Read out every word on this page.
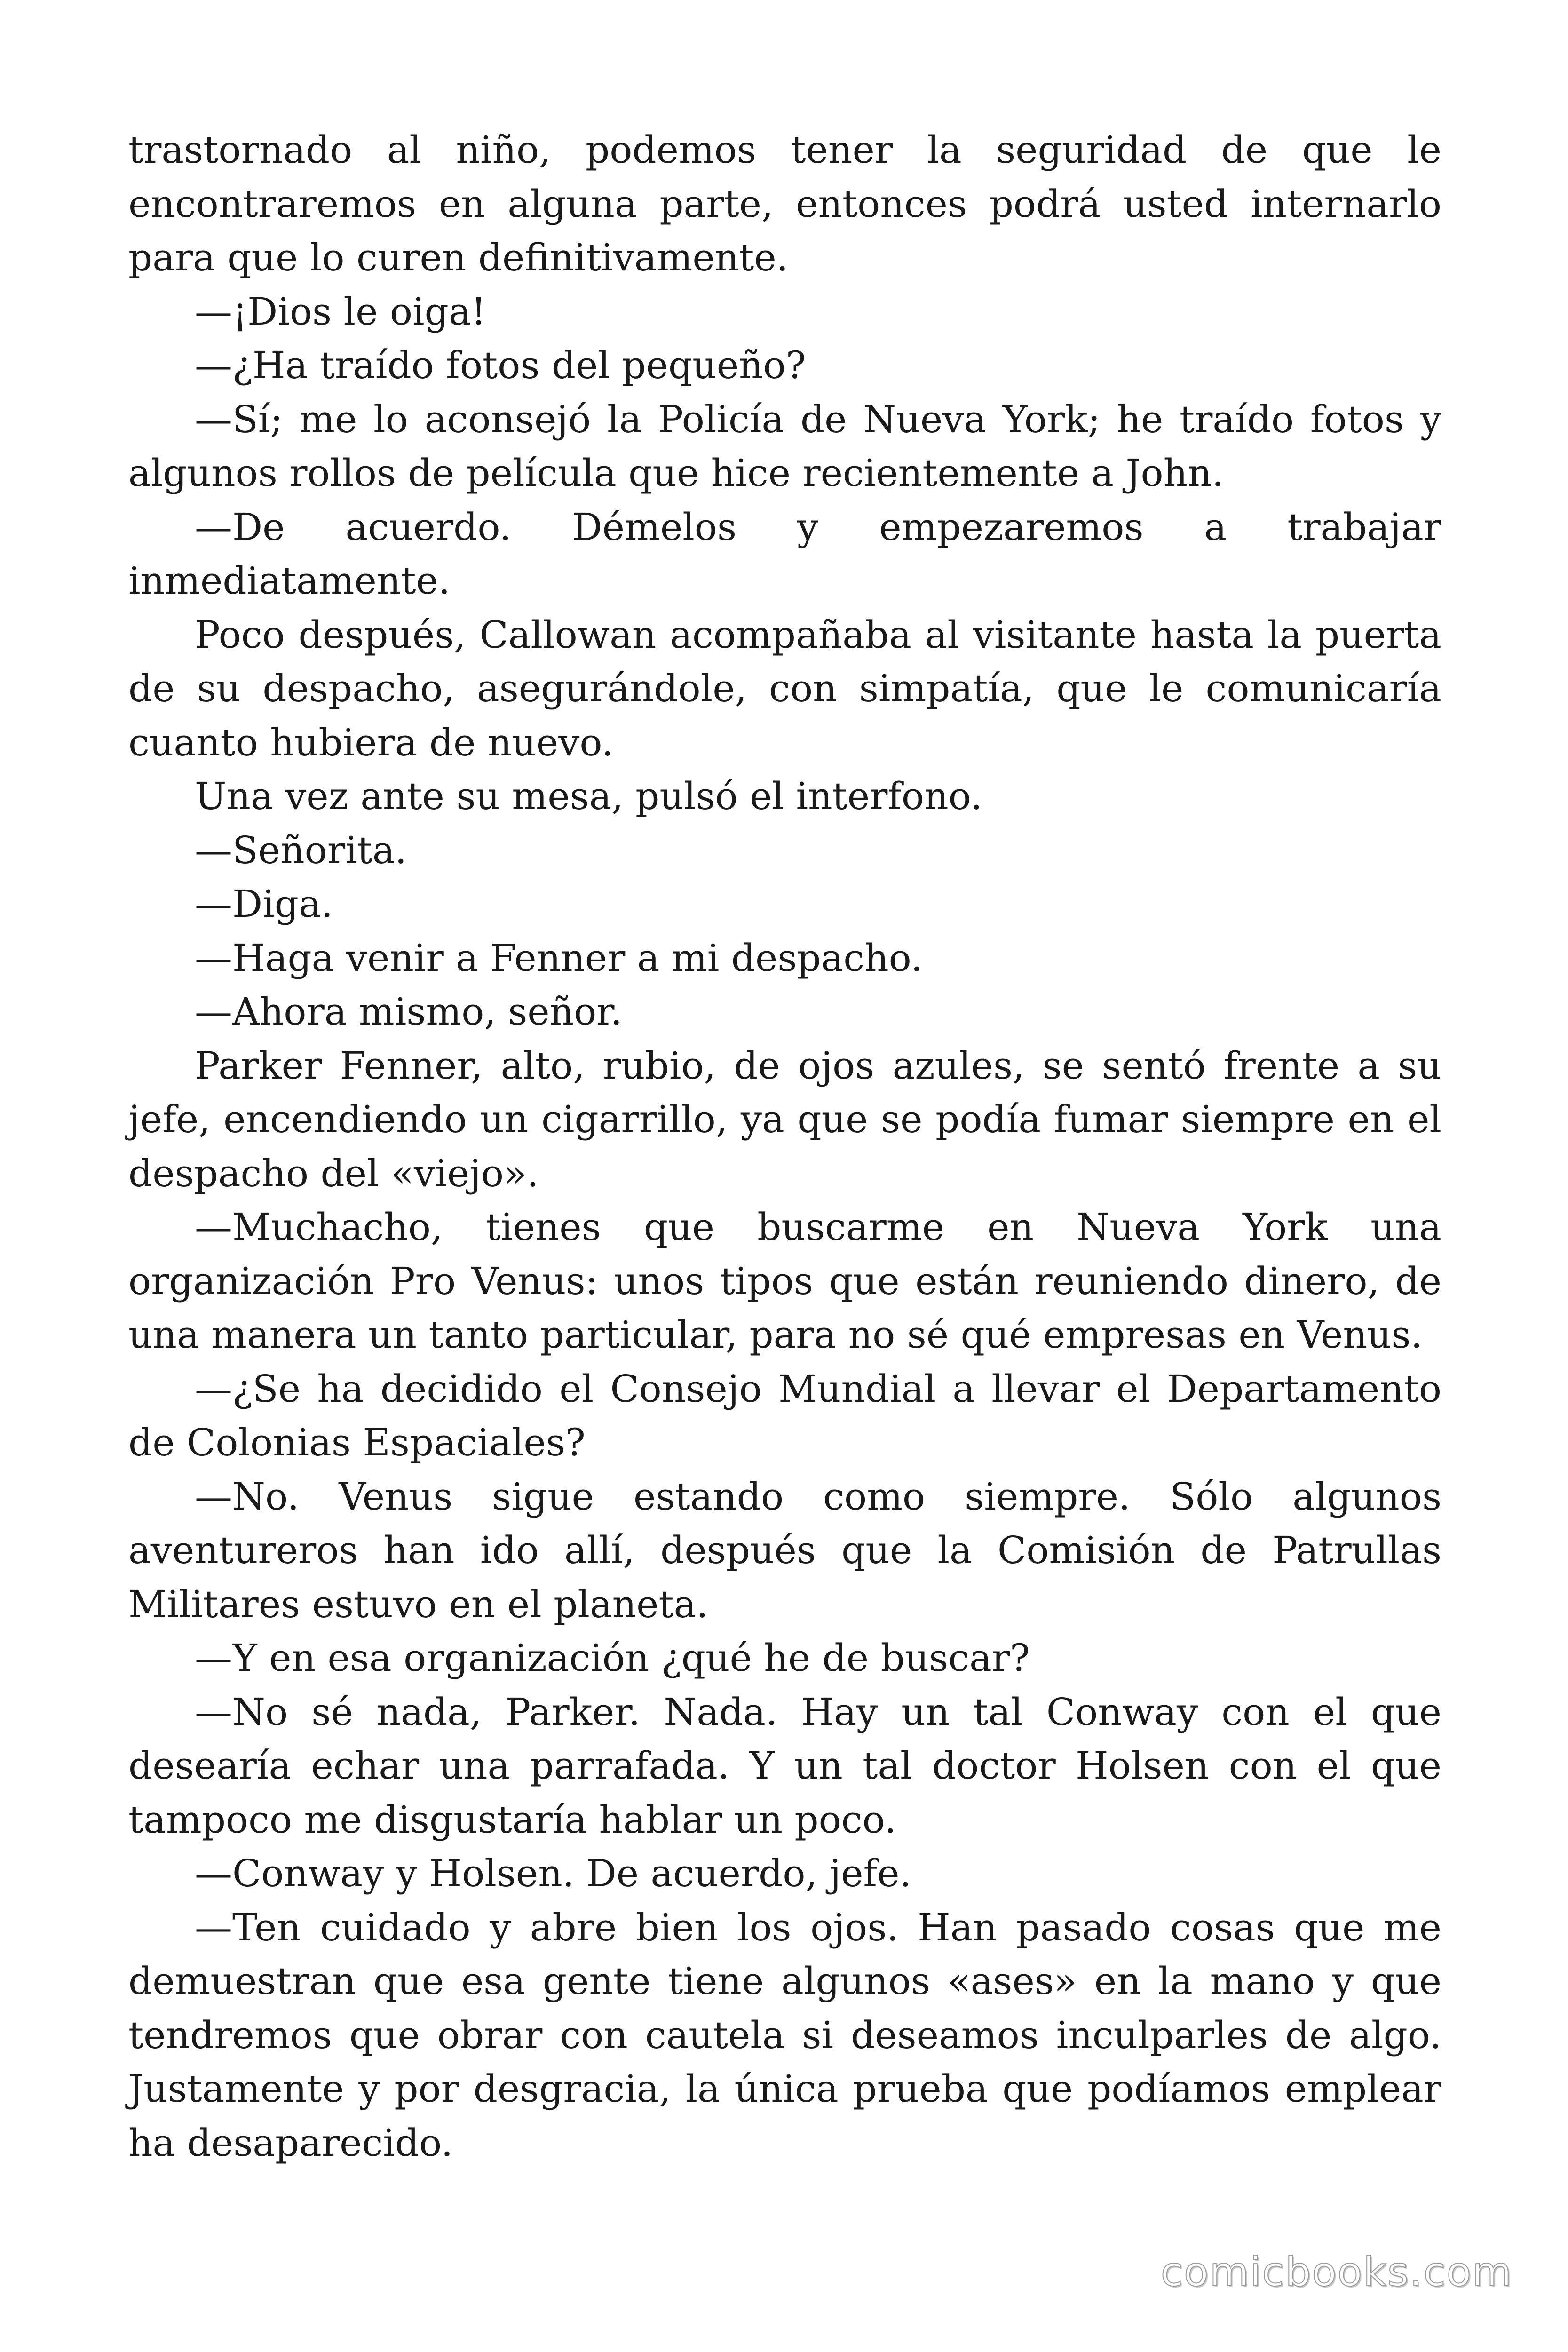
trastornado al niño, podemos tener la seguridad de que le encontraremos en alguna parte, entonces podrá usted internarlo para que lo curen definitivamente.

—¡Dios le oiga!

—¿Ha traído fotos del pequeño?

—Sí; me lo aconsejó la Policía de Nueva York; he traído fotos y algunos rollos de película que hice recientemente a John.

—De acuerdo. Démelos y empezaremos a trabajar inmediatamente.

Poco después, Callowan acompañaba al visitante hasta la puerta de su despacho, asegurándole, con simpatía, que le comunicaría cuanto hubiera de nuevo.

Una vez ante su mesa, pulsó el interfono.

—Señorita.

—Diga.

—Haga venir a Fenner a mi despacho.

—Ahora mismo, señor.

Parker Fenner, alto, rubio, de ojos azules, se sentó frente a su jefe, encendiendo un cigarrillo, ya que se podía fumar siempre en el despacho del «viejo».

—Muchacho, tienes que buscarme en Nueva York una organización Pro Venus: unos tipos que están reuniendo dinero, de una manera un tanto particular, para no sé qué empresas en Venus.

—¿Se ha decidido el Consejo Mundial a llevar el Departamento de Colonias Espaciales?

—No. Venus sigue estando como siempre. Sólo algunos aventureros han ido allí, después que la Comisión de Patrullas Militares estuvo en el planeta.

—Y en esa organización ¿qué he de buscar?

—No sé nada, Parker. Nada. Hay un tal Conway con el que desearía echar una parrafada. Y un tal doctor Holsen con el que tampoco me disgustaría hablar un poco.

—Conway y Holsen. De acuerdo, jefe.

—Ten cuidado y abre bien los ojos. Han pasado cosas que me demuestran que esa gente tiene algunos «ases» en la mano y que tendremos que obrar con cautela si deseamos inculparles de algo. Justamente y por desgracia, la única prueba que podíamos emplear ha desaparecido.

comicbooks.com
